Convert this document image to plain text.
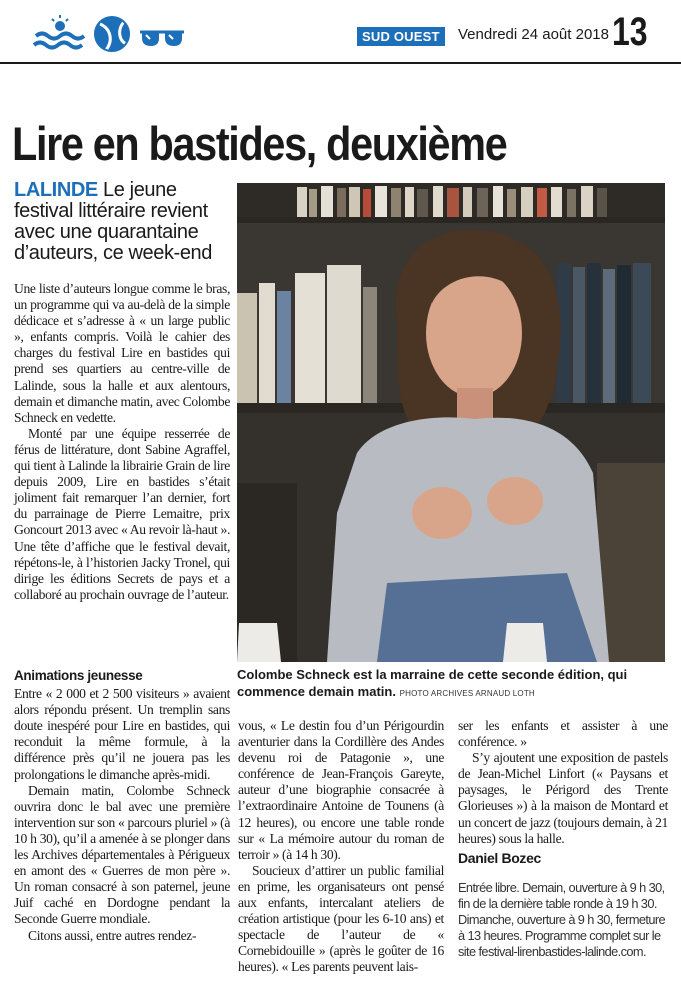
SUD OUEST	Vendredi 24 août 2018 13
Lire en bastides, deuxième
LALINDE Le jeune festival littéraire revient avec une quarantaine d’auteurs, ce week-end

Une liste d’auteurs longue comme le bras, un programme qui va au-delà de la simple dédicace et s’adresse à « un large public », enfants compris. Voilà le cahier des charges du festival Lire en bastides qui prend ses quartiers au centre-ville de Lalinde, sous la halle et aux alentours, demain et dimanche matin, avec Colombe Schneck en vedette.

Monté par une équipe resserrée de férus de littérature, dont Sabine Agraffel, qui tient à Lalinde la librairie Grain de lire depuis 2009, Lire en bastides s’était joliment fait remarquer l’an dernier, fort du parrainage de Pierre Lemaitre, prix Goncourt 2013 avec « Au revoir là-haut ». Une tête d’affiche que le festival devait, répétons-le, à l’historien Jacky Tronel, qui dirige les éditions Secrets de pays et a collaboré au prochain ouvrage de l’auteur.

Colombe Schneck est la marraine de cette seconde édition, qui commence demain matin. PHOTO ARCHIVES ARNAUD LOTH
Animations jeunesse

Entre « 2 000 et 2 500 visiteurs » avaient alors répondu présent. Un tremplin sans doute inespéré pour Lire en bastides, qui reconduit la même formule, à la différence près qu’il ne jouera pas les prolongations le dimanche après-midi.

Demain matin, Colombe Schneck ouvrira donc le bal avec une première intervention sur son « parcours pluriel » (à 10 h 30), qu’il a amenée à se plonger dans les Archives départementales à Périgueux en amont des « Guerres de mon père ». Un roman consacré à son paternel, jeune Juif caché en Dordogne pendant la Seconde Guerre mondiale.

Citons aussi, entre autres rendez-

vous, « Le destin fou d’un Périgourdin aventurier dans la Cordillère des Andes devenu roi de Patagonie », une conférence de Jean-François Gareyte, auteur d’une biographie consacrée à l’extraordinaire Antoine de Tounens (à 12 heures), ou encore une table ronde sur « La mémoire autour du roman de terroir » (à 14 h 30).

Soucieux d’attirer un public familial en prime, les organisateurs ont pensé aux enfants, intercalant ateliers de création artistique (pour les 6-10 ans) et spectacle de l’auteur de « Cornebidouille » (après le goûter de 16 heures). « Les parents peuvent lais-

ser les enfants et assister à une conférence. »

S’y ajoutent une exposition de pastels de Jean-Michel Linfort (« Paysans et paysages, le Périgord des Trente Glorieuses ») à la maison de Montard et un concert de jazz (toujours demain, à 21 heures) sous la halle.

Daniel Bozec

Entrée libre. Demain, ouverture à 9 h 30, fin de la dernière table ronde à 19 h 30. Dimanche, ouverture à 9 h 30, fermeture à 13 heures. Programme complet sur le site festival-lirenbastides-lalinde.com.
